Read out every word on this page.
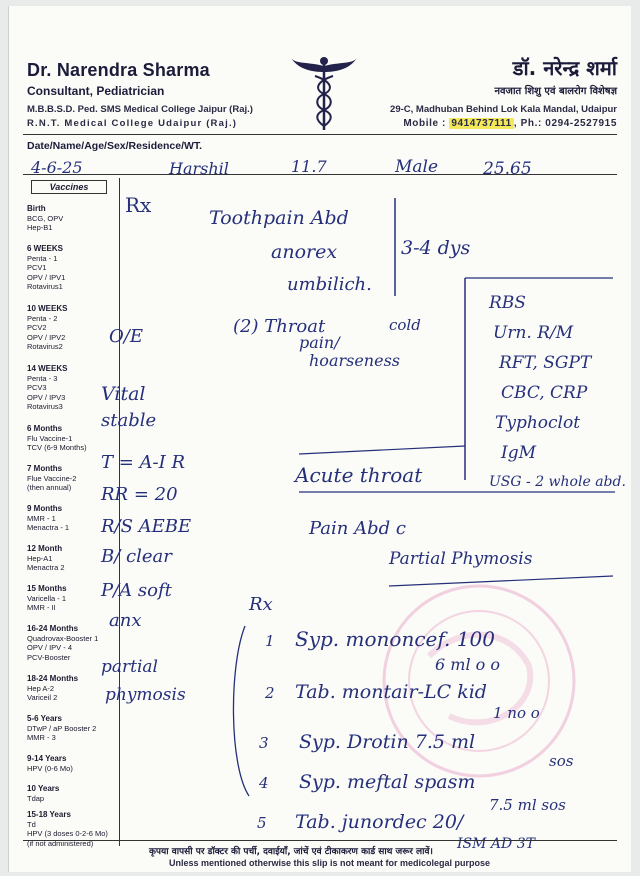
Dr. Narendra Sharma
Consultant, Pediatrician
M.B.B.S.D. Ped. SMS Medical College Jaipur (Raj.)
R.N.T. Medical College Udaipur (Raj.)
डॉ. नरेन्द्र शर्मा
नवजात शिशु एवं बालरोग विशेषज्ञ
29-C, Madhuban Behind Lok Kala Mandal, Udaipur
Mobile : 9414737111 , Ph.: 0294-2527915
Date/Name/Age/Sex/Residence/WT.
Vaccines
Birth
BCG, OPV
Hep-B1
6 WEEKS
Penta - 1
PCV1
OPV / IPV1
Rotavirus1
10 WEEKS
Penta - 2
PCV2
OPV / IPV2
Rotavirus2
14 WEEKS
Penta - 3
PCV3
OPV / IPV3
Rotavirus3
6 Months
Flu Vaccine-1
TCV (6-9 Months)
7 Months
Flue Vaccine-2
(then annual)
9 Months
MMR - 1
Menactra - 1
12 Month
Hep-A1
Menactra 2
15 Months
Varicella - 1
MMR - II
16-24 Months
Quadrovax-Booster 1
OPV / IPV - 4
PCV-Booster
18-24 Months
Hep A-2
Variceil 2
5-6 Years
DTwP / aP Booster 2
MMR - 3
9-14 Years
HPV (0-6 Mo)
10 Years
Tdap
15-18 Years
Td
HPV (3 doses 0-2-6 Mo)
(if not administered)
4-6-25	Harshil	11.7	Male	25.65
Rx
Toothpain Abd
anorex	3-4 dys
umbilich.
(2) Throat
pain/
hoarseness
cold
O/E
Vital
stable
T = A-I R
RR = 20
R/S AEBE
B/ clear
P/A soft
anx
partial
phymosis
RBS
Urn. R/M
RFT, SGPT
CBC, CRP
Typhoclot
IgM
USG - 2 whole abd.
Acute throat
Pain Abd c
Partial Phymosis
Rx
1 Syp. mononcef. 100
6 ml o o
2 Tab. montair-LC kid
1 no o
3 Syp. Drotin 7.5 ml
sos
4 Syp. meftal spasm
7.5 ml sos
5 Tab. junordec 20/
ISM AD 3T
कृपया वापसी पर डॉक्टर की पर्ची, दवाईयाँ, जांचें एवं टीकाकरण कार्ड साथ जरूर लावें।
Unless mentioned otherwise this slip is not meant for medicolegal purpose
